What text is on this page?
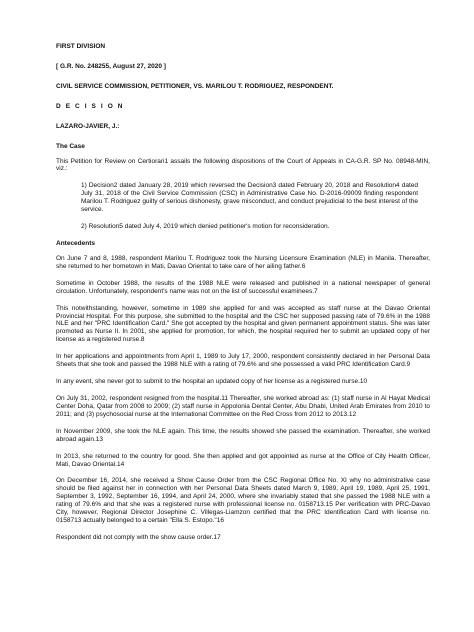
FIRST DIVISION

[ G.R. No. 248255, August 27, 2020 ]

CIVIL SERVICE COMMISSION, PETITIONER, VS. MARILOU T. RODRIGUEZ, RESPONDENT.

D E C I S I O N

LAZARO-JAVIER, J.:

The Case

This Petition for Review on Certiorari1 assails the following dispositions of the Court of Appeals in CA-G.R. SP No. 08948-MIN, viz.:

1) Decision2 dated January 28, 2019 which reversed the Decision3 dated February 20, 2018 and Resolution4 dated July 31, 2018 of the Civil Service Commission (CSC) in Administrative Case No. D-2016-09009 finding respondent Marilou T. Rodriguez guilty of serious dishonesty, grave misconduct, and conduct prejudicial to the best interest of the service.

2) Resolution5 dated July 4, 2019 which denied petitioner's motion for reconsideration.

Antecedents

On June 7 and 8, 1988, respondent Marilou T. Rodriguez took the Nursing Licensure Examination (NLE) in Manila. Thereafter, she returned to her hometown in Mati, Davao Oriental to take care of her ailing father.6

Sometime in October 1988, the results of the 1988 NLE were released and published in a national newspaper of general circulation. Unfortunately, respondent's name was not on the list of successful examinees.7

This notwithstanding, however, sometime in 1989 she applied for and was accepted as staff nurse at the Davao Oriental Provincial Hospital. For this purpose, she submitted to the hospital and the CSC her supposed passing rate of 79.6% in the 1988 NLE and her "PRC Identification Card." She got accepted by the hospital and given permanent appointment status. She was later promoted as Nurse II. In 2001, she applied for promotion, for which, the hospital required her to submit an updated copy of her license as a registered nurse.8

In her applications and appointments from April 1, 1989 to July 17, 2000, respondent consistently declared in her Personal Data Sheets that she took and passed the 1988 NLE with a rating of 79.6% and she possessed a valid PRC Identification Card.9

In any event, she never got to submit to the hospital an updated copy of her license as a registered nurse.10

On July 31, 2002, respondent resigned from the hospital.11 Thereafter, she worked abroad as: (1) staff nurse in Al Hayat Medical Center Doha, Qatar from 2008 to 2009; (2) staff nurse in Appolonia Dental Center, Abu Dhabi, United Arab Emirates from 2010 to 2011; and (3) psychosocial nurse at the International Committee on the Red Cross from 2012 to 2013.12

In November 2009, she took the NLE again. This time, the results showed she passed the examination. Thereafter, she worked abroad again.13

In 2013, she returned to the country for good. She then applied and got appointed as nurse at the Office of City Health Officer, Mati, Davao Oriental.14

On December 16, 2014, she received a Show Cause Order from the CSC Regional Office No. XI why no administrative case should be filed against her in connection with her Personal Data Sheets dated March 9, 1989, April 19, 1989, April 25, 1991, September 3, 1992, September 16, 1994, and April 24, 2000, where she invariably stated that she passed the 1988 NLE with a rating of 79.6% and that she was a registered nurse with professional license no. 0158713.15 Per verification with PRC-Davao City, however, Regional Director Josephine C. Villegas-Liamzon certified that the PRC Identification Card with license no. 0158713 actually belonged to a certain "Ella S. Estopo."16

Respondent did not comply with the show cause order.17
